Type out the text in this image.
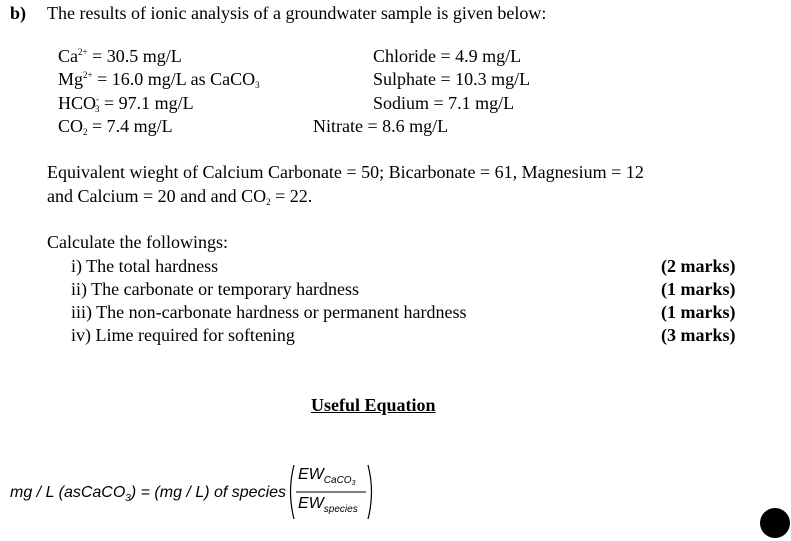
b) The results of ionic analysis of a groundwater sample is given below:
$Ca^{2+} = 30.5$ mg/L
$Mg^{2+} = 16.0$ mg/L as CaCO$_3$
$HCO^-_3 = 97.1$ mg/L
$CO_2 = 7.4$ mg/L
Chloride = 4.9 mg/L
Sulphate = 10.3 mg/L
Sodium = 7.1 mg/L
Nitrate = 8.6 mg/L
Equivalent wieght of Calcium Carbonate = 50; Bicarbonate = 61, Magnesium = 12
and Calcium = 20 and and $CO_2 = 22$.
Calculate the followings:
i) The total hardness	(2 marks)
ii) The carbonate or temporary hardness	(1 marks)
iii) The non-carbonate hardness or permanent hardness	(1 marks)
iv) Lime required for softening	(3 marks)
Useful Equation
mg / L (asCaCO$_3$) = (mg / L) of species
$EW_{CaCO3}$
$EW_{species}$
